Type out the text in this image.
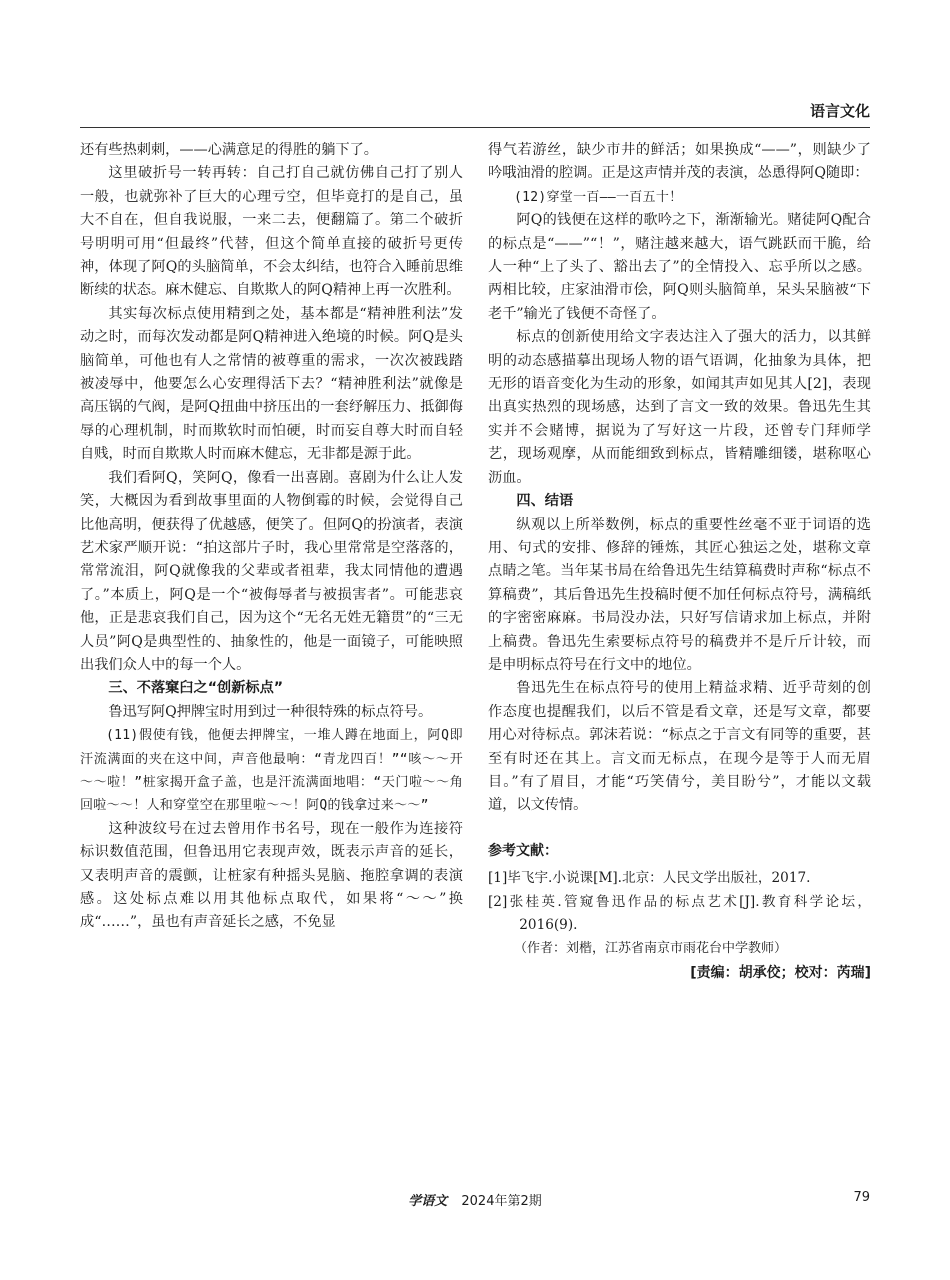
语言文化

还有些热刺刺，——心满意足的得胜的躺下了。

这里破折号一转再转：自己打自己就仿佛自己打了别人一般，也就弥补了巨大的心理亏空，但毕竟打的是自己，虽大不自在，但自我说服，一来二去，便翻篇了。第二个破折号明明可用“但最终”代替，但这个简单直接的破折号更传神，体现了阿Q的头脑简单，不会太纠结，也符合入睡前思维断续的状态。麻木健忘、自欺欺人的阿Q精神上再一次胜利。

其实每次标点使用精到之处，基本都是“精神胜利法”发动之时，而每次发动都是阿Q精神进入绝境的时候。阿Q是头脑简单，可他也有人之常情的被尊重的需求，一次次被践踏被凌辱中，他要怎么心安理得活下去？“精神胜利法”就像是高压锅的气阀，是阿Q扭曲中挤压出的一套纾解压力、抵御侮辱的心理机制，时而欺软时而怕硬，时而妄自尊大时而自轻自贱，时而自欺欺人时而麻木健忘，无非都是源于此。

我们看阿Q，笑阿Q，像看一出喜剧。喜剧为什么让人发笑，大概因为看到故事里面的人物倒霉的时候，会觉得自己比他高明，便获得了优越感，便笑了。但阿Q的扮演者，表演艺术家严顺开说：“拍这部片子时，我心里常常是空落落的，常常流泪，阿Q就像我的父辈或者祖辈，我太同情他的遭遇了。”本质上，阿Q是一个“被侮辱者与被损害者”。可能悲哀他，正是悲哀我们自己，因为这个“无名无姓无籍贯”的“三无人员”阿Q是典型性的、抽象性的，他是一面镜子，可能映照出我们众人中的每一个人。

三、不落窠臼之“创新标点”

鲁迅写阿Q押牌宝时用到过一种很特殊的标点符号。

(11)假使有钱，他便去押牌宝，一堆人蹲在地面上，阿Q即汗流满面的夹在这中间，声音他最响：“青龙四百！”“咳～～开～～啦！”桩家揭开盒子盖，也是汗流满面地唱：“天门啦～～角回啦～～！人和穿堂空在那里啦～～！阿Q的钱拿过来～～”

这种波纹号在过去曾用作书名号，现在一般作为连接符标识数值范围，但鲁迅用它表现声效，既表示声音的延长，又表明声音的震颤，让桩家有种摇头晃脑、拖腔拿调的表演感。这处标点难以用其他标点取代，如果将“～～”换成“……”，虽也有声音延长之感，不免显

得气若游丝，缺少市井的鲜活；如果换成“——”，则缺少了吟哦油滑的腔调。正是这声情并茂的表演，怂恿得阿Q随即：

(12)穿堂一百——一百五十！

阿Q的钱便在这样的歌吟之下，渐渐输光。赌徒阿Q配合的标点是“——”“！”，赌注越来越大，语气跳跃而干脆，给人一种“上了头了、豁出去了”的全情投入、忘乎所以之感。两相比较，庄家油滑市侩，阿Q则头脑简单，呆头呆脑被“下老千”输光了钱便不奇怪了。

标点的创新使用给文字表达注入了强大的活力，以其鲜明的动态感描摹出现场人物的语气语调，化抽象为具体，把无形的语音变化为生动的形象，如闻其声如见其人[2]，表现出真实热烈的现场感，达到了言文一致的效果。鲁迅先生其实并不会赌博，据说为了写好这一片段，还曾专门拜师学艺，现场观摩，从而能细致到标点，皆精雕细镂，堪称呕心沥血。

四、结语

纵观以上所举数例，标点的重要性丝毫不亚于词语的选用、句式的安排、修辞的锤炼，其匠心独运之处，堪称文章点睛之笔。当年某书局在给鲁迅先生结算稿费时声称“标点不算稿费”，其后鲁迅先生投稿时便不加任何标点符号，满稿纸的字密密麻麻。书局没办法，只好写信请求加上标点，并附上稿费。鲁迅先生索要标点符号的稿费并不是斤斤计较，而是申明标点符号在行文中的地位。

鲁迅先生在标点符号的使用上精益求精、近乎苛刻的创作态度也提醒我们，以后不管是看文章，还是写文章，都要用心对待标点。郭沫若说：“标点之于言文有同等的重要，甚至有时还在其上。言文而无标点，在现今是等于人而无眉目。”有了眉目，才能“巧笑倩兮，美目盼兮”，才能以文载道，以文传情。

参考文献：
[1]毕飞宇.小说课[M].北京：人民文学出版社，2017.
[2]张桂英.管窥鲁迅作品的标点艺术[J].教育科学论坛，2016(9).
（作者：刘楷，江苏省南京市雨花台中学教师）
[责编：胡承佼；校对：芮瑞]
学语文 2024年第2期	79
